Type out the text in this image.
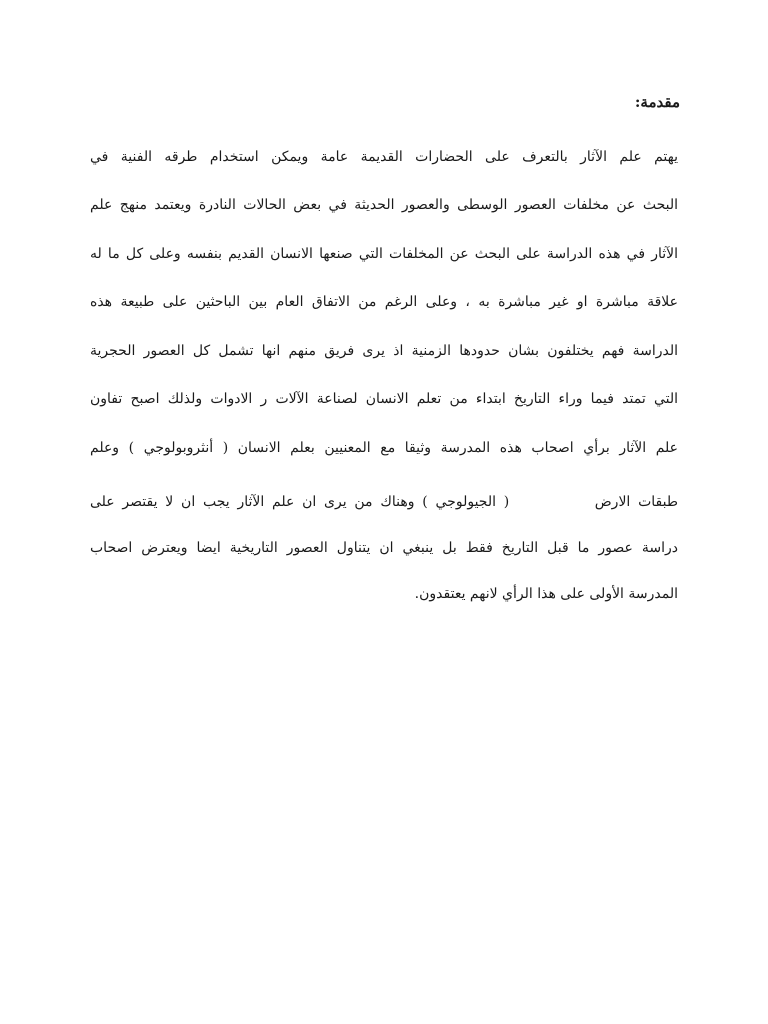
مقدمة:
يهتم علم الآثار بالتعرف على الحضارات القديمة عامة ويمكن استخدام طرقه الفنية في
البحث عن مخلفات العصور الوسطى والعصور الحديثة في بعض الحالات النادرة ويعتمد منهج علم
الآثار في هذه الدراسة على البحث عن المخلفات التي صنعها الانسان القديم بنفسه وعلى كل ما له
علاقة مباشرة او غير مباشرة به ، وعلى الرغم من الاتفاق العام بين الباحثين على طبيعة هذه
الدراسة فهم يختلفون بشان حدودها الزمنية اذ يرى فريق منهم انها تشمل كل العصور الحجرية
التي تمتد فيما وراء التاريخ ابتداء من تعلم الانسان لصناعة الآلات ر الادوات ولذلك اصبح تفاون
علم الآثار برأي اصحاب هذه المدرسة وثيقا مع المعنيين بعلم الانسان ( أنثروبولوجي ) وعلم
طبقات الارض           ( الجيولوجي ) وهناك من يرى ان علم الآثار يجب ان لا يقتصر على
دراسة عصور ما قبل التاريخ فقط بل ينبغي ان يتناول العصور التاريخية ايضا ويعترض اصحاب
المدرسة الأولى على هذا الرأي لانهم يعتقدون.
